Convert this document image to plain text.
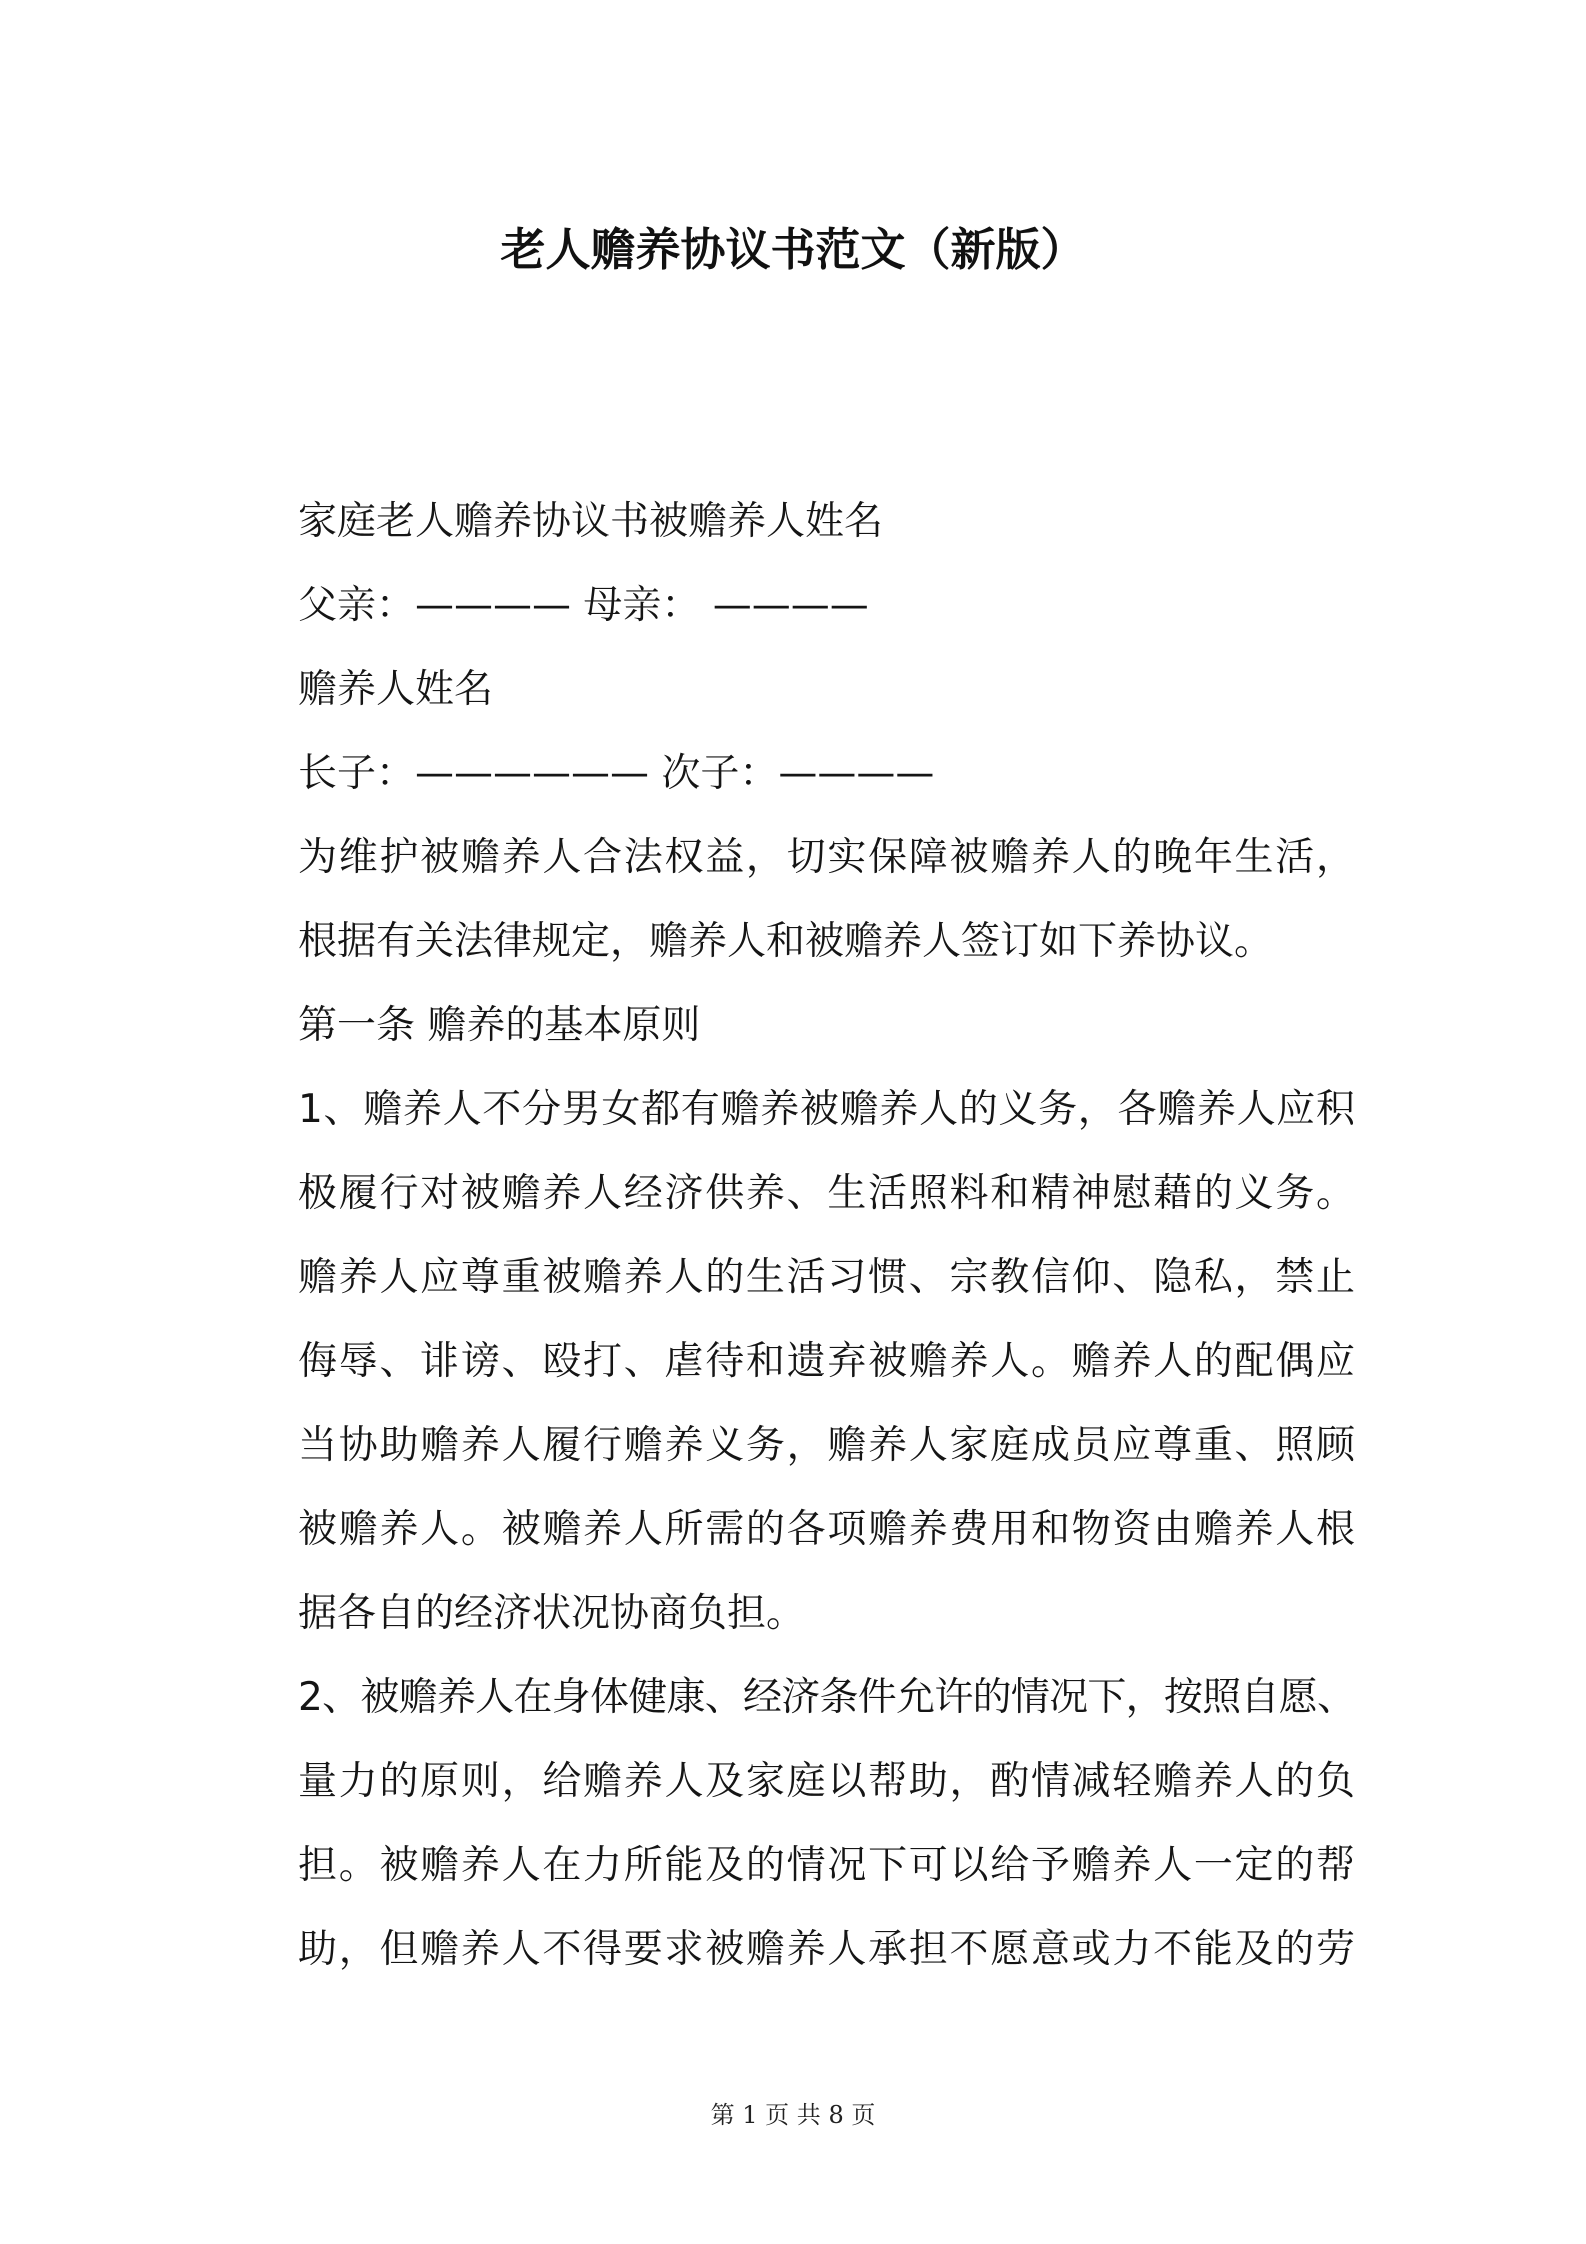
老人赡养协议书范文（新版）
家庭老人赡养协议书被赡养人姓名
父亲：———— 母亲： ————
赡养人姓名
长子：—————— 次子：————
为维护被赡养人合法权益，切实保障被赡养人的晚年生活，
根据有关法律规定，赡养人和被赡养人签订如下养协议。
第一条 赡养的基本原则
1、赡养人不分男女都有赡养被赡养人的义务，各赡养人应积
极履行对被赡养人经济供养、生活照料和精神慰藉的义务。
赡养人应尊重被赡养人的生活习惯、宗教信仰、隐私，禁止
侮辱、诽谤、殴打、虐待和遗弃被赡养人。赡养人的配偶应
当协助赡养人履行赡养义务，赡养人家庭成员应尊重、照顾
被赡养人。被赡养人所需的各项赡养费用和物资由赡养人根
据各自的经济状况协商负担。
2、被赡养人在身体健康、经济条件允许的情况下，按照自愿、
量力的原则，给赡养人及家庭以帮助，酌情减轻赡养人的负
担。被赡养人在力所能及的情况下可以给予赡养人一定的帮
助，但赡养人不得要求被赡养人承担不愿意或力不能及的劳
第 1 页 共 8 页
